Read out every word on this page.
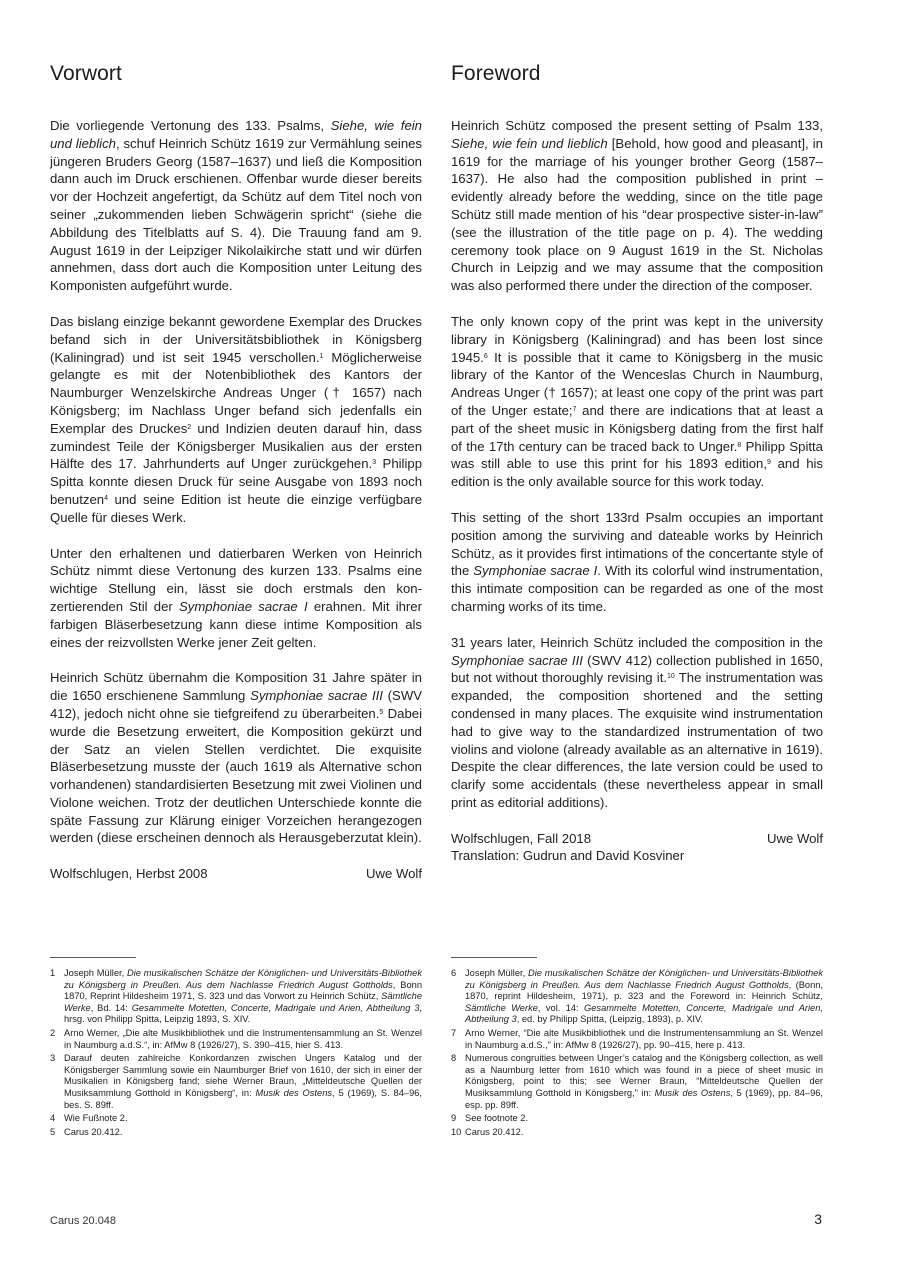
Vorwort

Die vorliegende Vertonung des 133. Psalms, Siehe, wie fein und lieblich, schuf Heinrich Schütz 1619 zur Vermählung seines jüngeren Bruders Georg (1587–1637) und ließ die Komposition dann auch im Druck erschienen. Offenbar wurde dieser bereits vor der Hochzeit angefertigt, da Schütz auf dem Titel noch von seiner „zukommenden lieben Schwägerin spricht“ (siehe die Abbildung des Titelblatts auf S. 4). Die Trauung fand am 9. August 1619 in der Leipziger Nikolaikirche statt und wir dürfen annehmen, dass dort auch die Komposition unter Leitung des Komponisten aufgeführt wurde.

Das bislang einzige bekannt gewordene Exemplar des Druckes befand sich in der Universitätsbibliothek in Königsberg (Kaliningrad) und ist seit 1945 verschollen.$^1$ Möglicherweise gelangte es mit der Notenbibliothek des Kantors der Naumburger Wenzelskirche Andreas Unger († 1657) nach Königsberg; im Nachlass Unger befand sich jedenfalls ein Exemplar des Druckes$^2$ und Indizien deuten darauf hin, dass zumindest Teile der Königsberger Musikalien aus der ersten Hälfte des 17. Jahrhunderts auf Unger zurückgehen.$^3$ Philipp Spitta konnte diesen Druck für seine Ausgabe von 1893 noch benutzen$^4$ und seine Edition ist heute die einzige verfügbare Quelle für dieses Werk.

Unter den erhaltenen und datierbaren Werken von Heinrich Schütz nimmt diese Vertonung des kurzen 133. Psalms eine wichtige Stellung ein, lässt sie doch erstmals den konzertierenden Stil der Symphoniae sacrae I erahnen. Mit ihrer farbigen Bläserbesetzung kann diese intime Komposition als eines der reizvollsten Werke jener Zeit gelten.

Heinrich Schütz übernahm die Komposition 31 Jahre später in die 1650 erschienene Sammlung Symphoniae sacrae III (SWV 412), jedoch nicht ohne sie tiefgreifend zu überarbeiten.$^5$ Dabei wurde die Besetzung erweitert, die Komposition gekürzt und der Satz an vielen Stellen verdichtet. Die exquisite Bläserbesetzung musste der (auch 1619 als Alternative schon vorhandenen) standardisierten Besetzung mit zwei Violinen und Violone weichen. Trotz der deutlichen Unterschiede konnte die späte Fassung zur Klärung einiger Vorzeichen herangezogen werden (diese erscheinen dennoch als Herausgeberzutat klein).

Wolfschlugen, Herbst 2008	Uwe Wolf
1 Joseph Müller, Die musikalischen Schätze der Königlichen- und Universitäts-Bibliothek zu Königsberg in Preußen. Aus dem Nachlasse Friedrich August Gottholds, Bonn 1870, Reprint Hildesheim 1971, S. 323 und das Vorwort zu Heinrich Schütz, Sämtliche Werke, Bd. 14: Gesammelte Motetten, Concerte, Madrigale und Arien, Abtheilung 3, hrsg. von Philipp Spitta, Leipzig 1893, S. XIV.
2 Arno Werner, „Die alte Musikbibliothek und die Instrumentensammlung an St. Wenzel in Naumburg a.d.S.“, in: AfMw 8 (1926/27), S. 390–415, hier S. 413.
3 Darauf deuten zahlreiche Konkordanzen zwischen Ungers Katalog und der Königsberger Sammlung sowie ein Naumburger Brief von 1610, der sich in einer der Musikalien in Königsberg fand; siehe Werner Braun, „Mitteldeutsche Quellen der Musiksammlung Gotthold in Königsberg“, in: Musik des Ostens, 5 (1969), S. 84–96, bes. S. 89ff.
4 Wie Fußnote 2.
5 Carus 20.412.
Foreword

Heinrich Schütz composed the present setting of Psalm 133, Siehe, wie fein und lieblich [Behold, how good and pleasant], in 1619 for the marriage of his younger brother Georg (1587–1637). He also had the composition published in print – evidently already before the wedding, since on the title page Schütz still made mention of his “dear prospective sister-in-law” (see the illustration of the title page on p. 4). The wedding ceremony took place on 9 August 1619 in the St. Nicholas Church in Leipzig and we may assume that the composition was also performed there under the direction of the composer.

The only known copy of the print was kept in the university library in Königsberg (Kaliningrad) and has been lost since 1945.$^6$ It is possible that it came to Königsberg in the music library of the Kantor of the Wenceslas Church in Naumburg, Andreas Unger († 1657); at least one copy of the print was part of the Unger estate;$^7$ and there are indications that at least a part of the sheet music in Königsberg dating from the first half of the 17th century can be traced back to Unger.$^8$ Philipp Spitta was still able to use this print for his 1893 edition,$^9$ and his edition is the only available source for this work today.

This setting of the short 133rd Psalm occupies an important position among the surviving and dateable works by Heinrich Schütz, as it provides first intimations of the concertante style of the Symphoniae sacrae I. With its colorful wind instrumentation, this intimate composition can be regarded as one of the most charming works of its time.

31 years later, Heinrich Schütz included the composition in the Symphoniae sacrae III (SWV 412) collection published in 1650, but not without thoroughly revising it.$^{10}$ The instrumentation was expanded, the composition shortened and the setting condensed in many places. The exquisite wind instrumentation had to give way to the standardized instrumentation of two violins and violone (already available as an alternative in 1619). Despite the clear differences, the late version could be used to clarify some accidentals (these nevertheless appear in small print as editorial additions).

Wolfschlugen, Fall 2018	Uwe Wolf
Translation: Gudrun and David Kosviner
6 Joseph Müller, Die musikalischen Schätze der Königlichen- und Universitäts-Bibliothek zu Königsberg in Preußen. Aus dem Nachlasse Friedrich August Gottholds, (Bonn, 1870, reprint Hildesheim, 1971), p. 323 and the Foreword in: Heinrich Schütz, Sämtliche Werke, vol. 14: Gesammelte Motetten, Concerte, Madrigale und Arien, Abtheilung 3, ed. by Philipp Spitta, (Leipzig, 1893), p. XIV.
7 Arno Werner, “Die alte Musikbibliothek und die Instrumentensammlung an St. Wenzel in Naumburg a.d.S.,” in: AfMw 8 (1926/27), pp. 90–415, here p. 413.
8 Numerous congruities between Unger’s catalog and the Königsberg collection, as well as a Naumburg letter from 1610 which was found in a piece of sheet music in Königsberg, point to this; see Werner Braun, “Mitteldeutsche Quellen der Musiksammlung Gotthold in Königsberg,” in: Musik des Ostens, 5 (1969), pp. 84–96, esp. pp. 89ff.
9 See footnote 2.
10 Carus 20.412.
Carus 20.048	3
